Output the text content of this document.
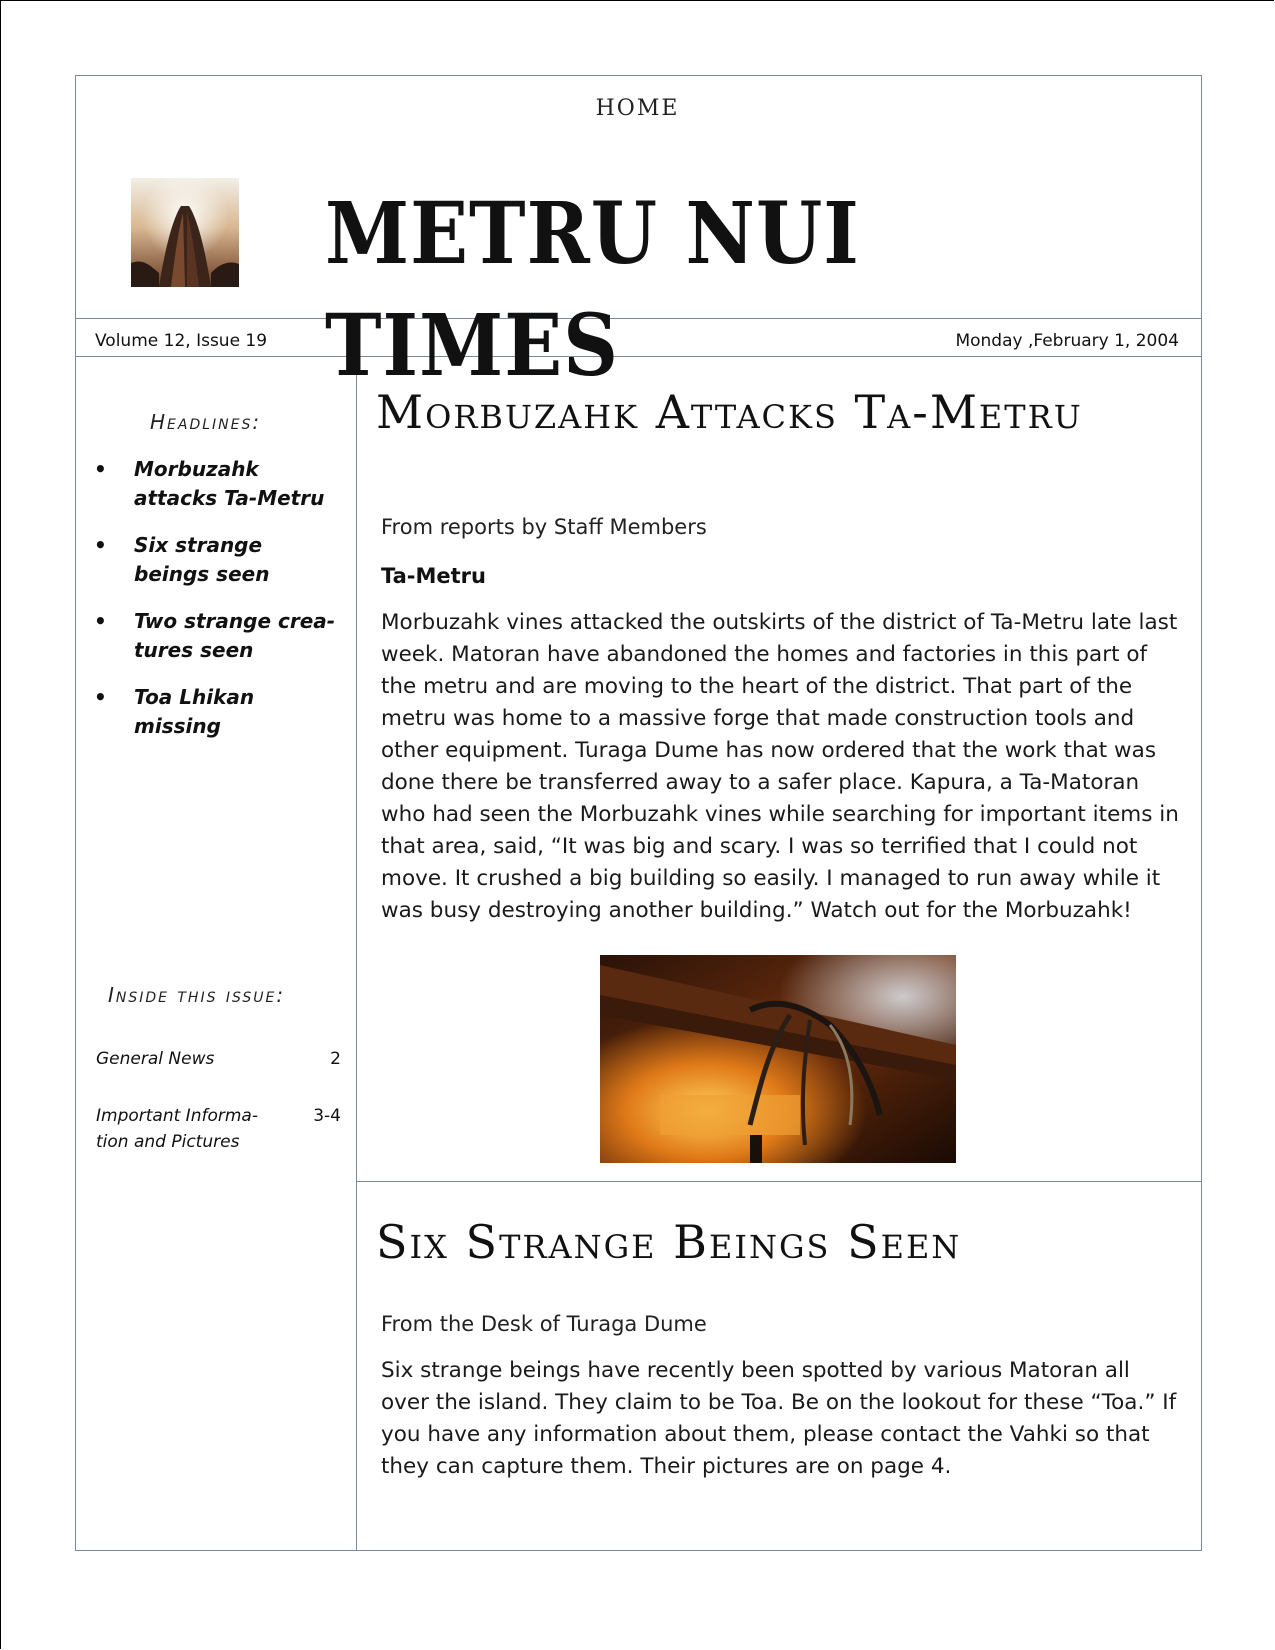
HOME
METRU NUI TIMES
Volume 12, Issue 19	Monday ,February 1, 2004
Headlines:
• Morbuzahk attacks Ta-Metru
• Six strange beings seen
• Two strange crea-tures seen
• Toa Lhikan missing
Inside this issue:
General News	2
Important Informa-tion and Pictures
3-4
Morbuzahk Attacks Ta-Metru
From reports by Staff Members
Ta-Metru

Morbuzahk vines attacked the outskirts of the district of Ta-Metru late last week. Matoran have abandoned the homes and factories in this part of the metru and are moving to the heart of the district. That part of the metru was home to a massive forge that made construction tools and other equipment. Turaga Dume has now ordered that the work that was done there be transferred away to a safer place. Kapura, a Ta-Matoran who had seen the Morbuzahk vines while searching for important items in that area, said, “It was big and scary. I was so terrified that I could not move. It crushed a big building so easily. I managed to run away while it was busy destroying another building.” Watch out for the Morbuzahk!

Six Strange Beings Seen
From the Desk of Turaga Dume

Six strange beings have recently been spotted by various Matoran all over the island. They claim to be Toa. Be on the lookout for these “Toa.” If you have any information about them, please contact the Vahki so that they can capture them. Their pictures are on page 4.
